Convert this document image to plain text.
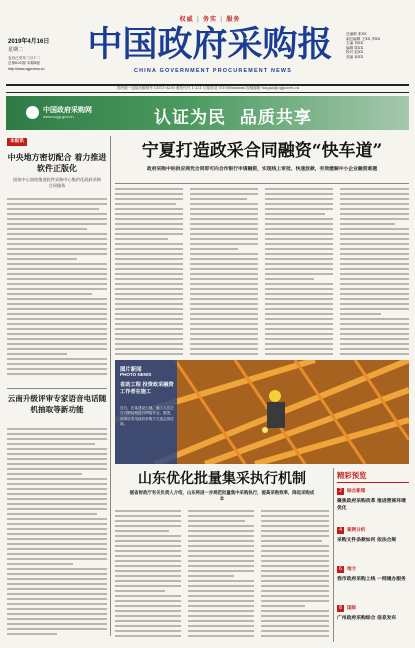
2019年4月16日
星期二
农历己亥年三月十二
总第621期 本期8版
http://www.cgpnews.cn
权威 | 务实 | 服务
中国政府采购报
CHINA GOVERNMENT PROCUREMENT NEWS
总编辑 张XX
副总编辑 王XX 李XX
主编 刘XX
编辑 陈XX
校对 赵XX
美编 孙XX
国内统一连续出版物号 CN11-0230 邮发代号 1-221 订阅电话 (010)88xxxxxx 投稿邮箱 tougao@cgpnews.cn
中国政府采购网
www.ccgp.gov.cn	认证为民  品质共享
本报讯
中央地方密切配合 着力推进软件正版化
国家中心加快推进软件采购中心集约化政府采购合同服务
云南升级评审专家语音电话随机抽取等新功能
宁夏打造政采合同融资“快车道”
政府采购中标供应商凭合同即可向合作银行申请融资，实现线上审批、快速放款，有效缓解中小企业融资难题
图片新闻
PHOTO NEWS
省助工程 投资政采融资 工作者在施工
近日，在某建设工地，施工人员正在对钢结构进行焊接作业。据悉，该项目采用政府采购方式选定供应商。
山东优化批量集采执行机制
据省财政厅有关负责人介绍，山东将进一步规范批量集中采购执行，提高采购效率，降低采购成本
精彩预览
2	综合新闻
聚焦政府采购改革 推进营商环境优化
4	案例分析
采购文件条款如何 依法合规
6	地方
我市政府采购上线 一网通办服务
8	国际
广州政府采购综合 信息发布
